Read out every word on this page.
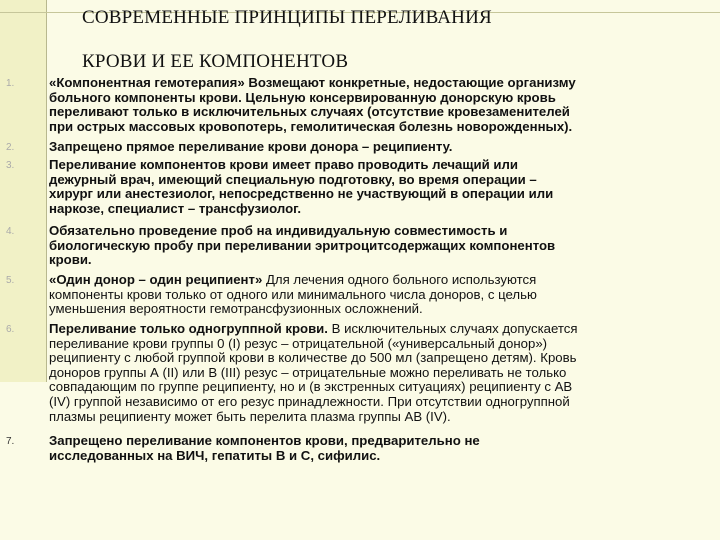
СОВРЕМЕННЫЕ ПРИНЦИПЫ ПЕРЕЛИВАНИЯ
КРОВИ И ЕЕ КОМПОНЕНТОВ
1.	«Компонентная гемотерапия» Возмещают конкретные, недостающие организму
больного компоненты крови. Цельную консервированную донорскую кровь
переливают только в исключительных случаях (отсутствие кровезаменителей
при острых массовых кровопотерь, гемолитическая болезнь новорожденных).
2.	Запрещено прямое переливание крови донора – реципиенту.
3.	Переливание компонентов крови имеет право проводить лечащий или
дежурный врач, имеющий специальную подготовку, во время операции –
хирург или анестезиолог, непосредственно не участвующий в операции или
наркозе, специалист – трансфузиолог.
4.	Обязательно проведение проб на индивидуальную совместимость и
биологическую пробу при переливании эритроцитсодержащих компонентов
крови.
5.	«Один донор – один реципиент» Для лечения одного больного используются
компоненты крови только от одного или минимального числа доноров, с целью
уменьшения вероятности гемотрансфузионных осложнений.
6.	Переливание только одногруппной крови. В исключительных случаях допускается
переливание крови группы 0 (I) резус – отрицательной («универсальный донор»)
реципиенту с любой группой крови в количестве до 500 мл (запрещено детям). Кровь
доноров группы А (II) или В (III) резус – отрицательные можно переливать не только
совпадающим по группе реципиенту, но и (в экстренных ситуациях) реципиенту с АВ
(IV) группой независимо от его резус принадлежности. При отсутствии одногруппной
плазмы реципиенту может быть перелита плазма группы АВ (IV).
7.	Запрещено переливание компонентов крови, предварительно не
исследованных на ВИЧ, гепатиты В и С, сифилис.
